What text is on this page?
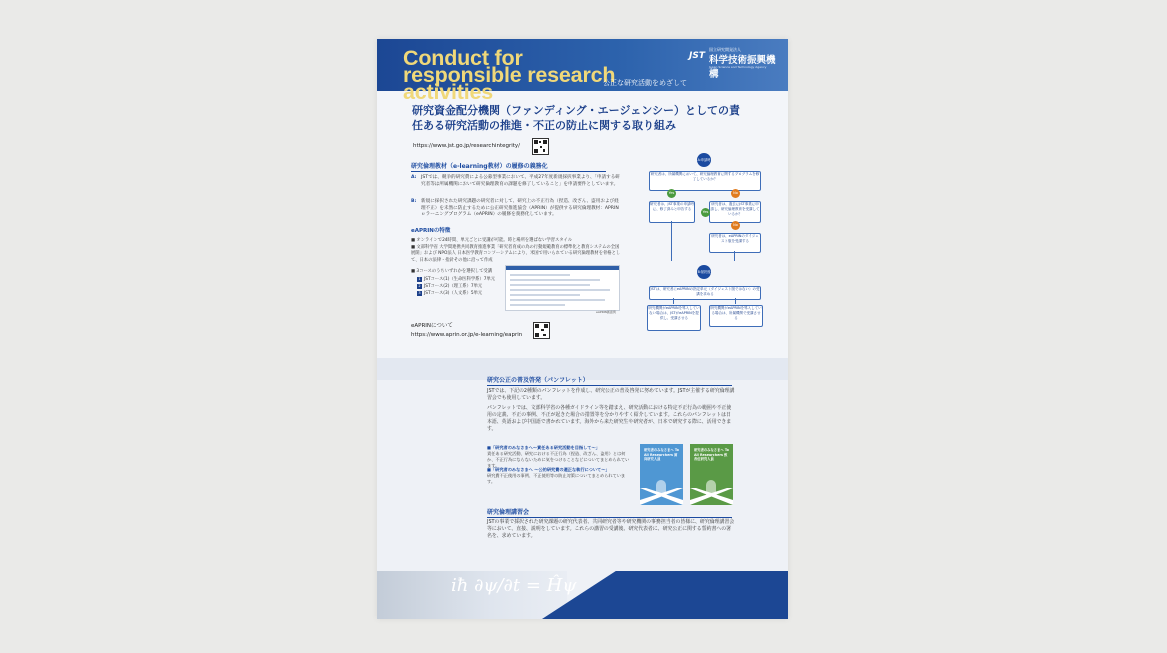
Conduct for responsible research activities	公正な研究活動をめざして
JST
国立研究開発法人
科学技術振興機構
Japan Science and Technology Agency
研究資金配分機関（ファンディング・エージェンシー）としての責任ある研究活動の推進・不正の防止に関する取り組み
https://www.jst.go.jp/researchintegrity/
研究倫理教材（e-learning教材）の履修の義務化
A: JSTでは、競争的研究費による公募型事業において、平成27年度新規採択事業より、「申請する研究者等は所属機関において研究倫理教育の課題を修了していること」を申請要件としています。
B:	新規に採択された研究課題の研究者に対して、研究上の不正行為（捏造、改ざん、盗用および経理不正）を未然に防止するために公正研究推進協会（APRIN）が提供する研究倫理教材：APRINｅラーニングプログラム（eAPRIN）の履修を義務化しています。
eAPRINの特徴
■ オンラインで24時間、単元ごとに受講が可能。時と場所を選ばない学習スタイル
■ 文部科学省 大学間連携共同教育推進事業「研究者育成の為の行動規範教育の標準化と教育システムの全国展開」および NPO法人 日本医学教育コンソーシアムにより、米国で用いられている研究倫理教材を骨格として、日本の法律・指針その他に沿って作成
■ 3コースのうちいずれかを選択して受講
1 JSTコース(1)（生命医科学系）7単元
2 JSTコース(2)（理工系）7単元
3 JSTコース(3)（人文系）5単元
eAPRIN画面例
eAPRINについて
https://www.aprin.or.jp/e-learning/eaprin
A:申請時
研究者は、所属機関において、研究倫理教育に関するプログラムを修了しているか？
Yes	No
研究者は、JST事業の申請時に、修了済みと申告する
研究者は、過去にJST事業に申請し、研究倫理教育を受講しているか？
Yes
No
研究者は、eAPRINのダイジェスト版を受講する
B:採択後
JSTは、研究者にeAPRINの指定単元（ダイジェスト版ではない）の受講を求める
研究機関がeAPRINを導入していない場合は、JSTがeAPRINを提供し、受講させる
研究機関がeAPRINを導入している場合は、所属機関で受講させる
研究公正の普及啓発（パンフレット）
JSTでは、下記の2種類のパンフレットを作成し、研究公正の普及啓発に努めています。JSTが主催する研究倫理講習会でも使用しています。
パンフレットでは、文部科学省の各種ガイドライン等を踏まえ、研究活動における特定不正行為の範囲や不正使用の定義、不正の事例、不正が起きた場合の措置等を分かりやすく紹介しています。これらのパンフレットは日本語、英語および中国語で書かれています。海外から来た研究生や研究者が、日本で研究する際に、活用できます。
■「研究者のみなさまへ～責任ある研究活動を目指して～」
責任ある研究活動、研究における不正行為（捏造、改ざん、盗用）とは何か、不正行為にならないために気をつけることなどについてまとめられています。
■「研究者のみなさまへ ～公的研究費の適正な執行について～」
研究費不正使用の事例、不正使用等の防止対策についてまとめられています。
研究者のみなさまへ To All Researchers 面向研究人員
研究者のみなさまへ To All Researchers 致各位研究人員
研究倫理講習会
JSTの事業で採択された研究課題の研究代表者、共同研究者等や研究機関の事務担当者の皆様に、研究倫理講習会等において、直接、説明をしています。これらの講習の受講後、研究代表者に、研究公正に関する誓約書への署名を、求めています。
iħ ∂ψ/∂t = Ĥψ
